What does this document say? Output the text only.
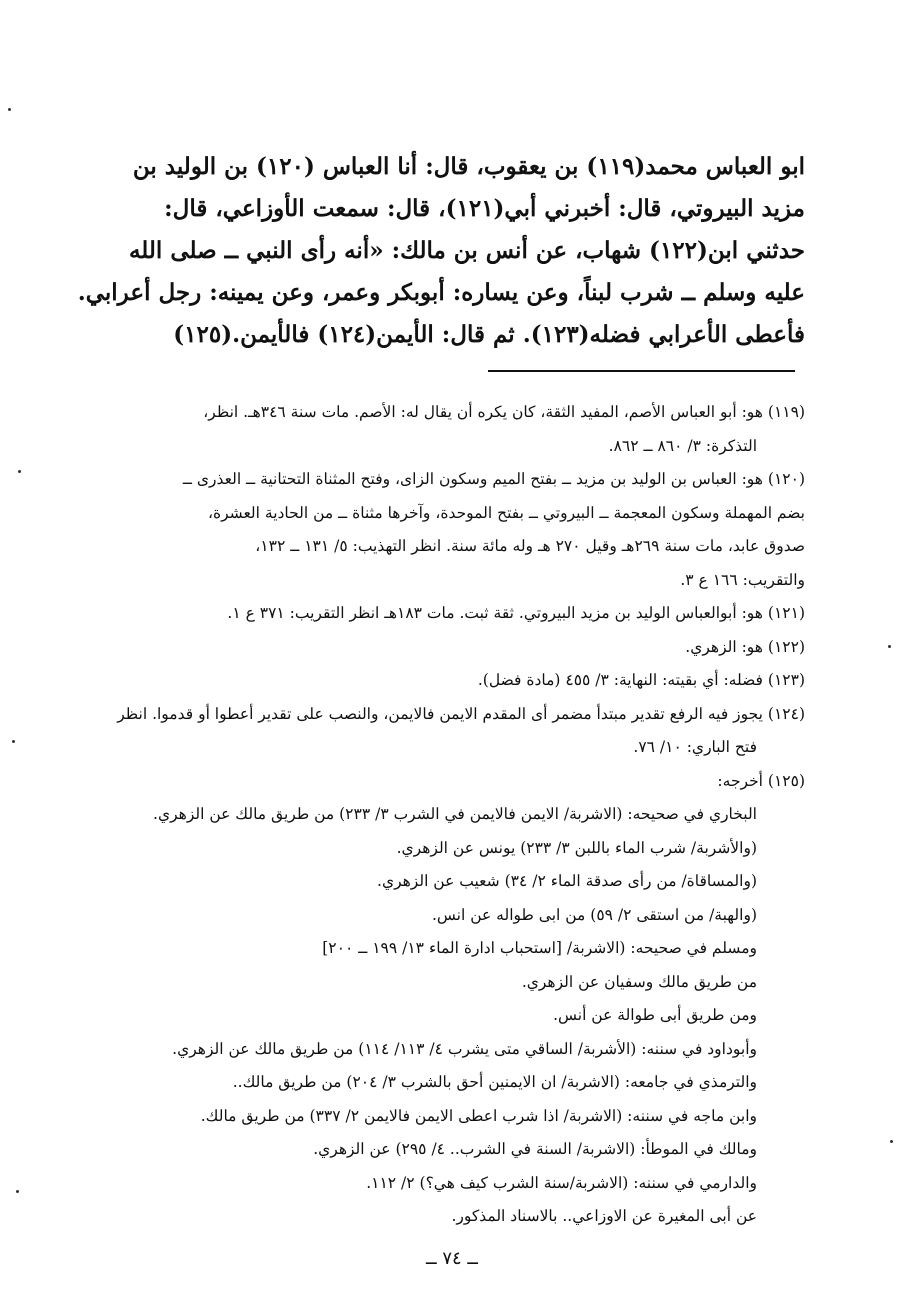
ابو العباس محمد(١١٩) بن يعقوب، قال: أنا العباس (١٢٠) بن الوليد بن
مزيد البيروتي، قال: أخبرني أبي(١٢١)، قال: سمعت الأوزاعي، قال:
حدثني ابن(١٢٢) شهاب، عن أنس بن مالك: «أنه رأى النبي ــ صلى الله
عليه وسلم ــ شرب لبناً، وعن يساره: أبوبكر وعمر، وعن يمينه: رجل أعرابي.
فأعطى الأعرابي فضله(١٢٣). ثم قال: الأيمن(١٢٤) فالأيمن.(١٢٥)
(١١٩) هو: أبو العباس الأصم، المفيد الثقة، كان يكره أن يقال له: الأصم. مات سنة ٣٤٦هـ. انظر،
التذكرة: ٣/ ٨٦٠ ــ ٨٦٢.
(١٢٠) هو: العباس بن الوليد بن مزيد ــ بفتح الميم وسكون الزاى، وفتح المثناة التحتانية ــ العذرى ــ
بضم المهملة وسكون المعجمة ــ البيروتي ــ بفتح الموحدة، وآخرها مثناة ــ من الحادية العشرة،
صدوق عابد، مات سنة ٢٦٩هـ وقيل ٢٧٠ هـ وله مائة سنة. انظر التهذيب: ٥/ ١٣١ ــ ١٣٢،
والتقريب: ١٦٦ ع ٣.
(١٢١) هو: أبوالعباس الوليد بن مزيد البيروتي. ثقة ثبت. مات ١٨٣هـ انظر التقريب: ٣٧١ ع ١.
(١٢٢) هو: الزهري.
(١٢٣) فضله: أي بقيته: النهاية: ٣/ ٤٥٥ (مادة فضل).
(١٢٤) يجوز فيه الرفع تقدير مبتدأ مضمر أى المقدم الايمن فالايمن، والنصب على تقدير أعطوا أو قدموا. انظر
فتح الباري: ١٠/ ٧٦.
(١٢٥) أخرجه:
البخاري في صحيحه: (الاشربة/ الايمن فالايمن في الشرب ٣/ ٢٣٣) من طريق مالك عن الزهري.
(والأشربة/ شرب الماء باللبن ٣/ ٢٣٣) يونس عن الزهري.
(والمساقاة/ من رأى صدقة الماء ٢/ ٣٤) شعيب عن الزهري.
(والهبة/ من استقى ٢/ ٥٩) من ابى طواله عن انس.
ومسلم في صحيحه: (الاشربة/ [استحباب ادارة الماء ١٣/ ١٩٩ ــ ٢٠٠]
من طريق مالك وسفيان عن الزهري.
ومن طريق أبى طوالة عن أنس.
وأبوداود في سننه: (الأشربة/ الساقي متى يشرب ٤/ ١١٣/ ١١٤) من طريق مالك عن الزهري.
والترمذي في جامعه: (الاشربة/ ان الايمنين أحق بالشرب ٣/ ٢٠٤) من طريق مالك..
وابن ماجه في سننه: (الاشربة/ اذا شرب اعطى الايمن فالايمن ٢/ ٣٣٧) من طريق مالك.
ومالك في الموطأ: (الاشربة/ السنة في الشرب.. ٤/ ٢٩٥) عن الزهري.
والدارمي في سننه: (الاشربة/سنة الشرب كيف هي؟) ٢/ ١١٢.
عن أبى المغيرة عن الاوزاعي.. بالاسناد المذكور.
ــ ٧٤ ــ
